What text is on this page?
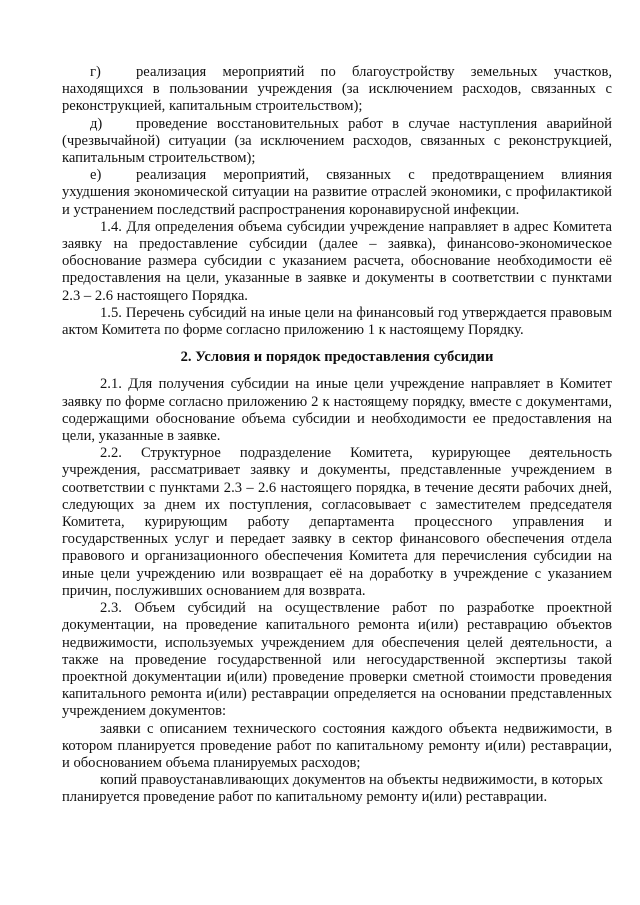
г) реализация мероприятий по благоустройству земельных участков, находящихся в пользовании учреждения (за исключением расходов, связанных с реконструкцией, капитальным строительством);

д) проведение восстановительных работ в случае наступления аварийной (чрезвычайной) ситуации (за исключением расходов, связанных с реконструкцией, капитальным строительством);

е) реализация мероприятий, связанных с предотвращением влияния ухудшения экономической ситуации на развитие отраслей экономики, с профилактикой и устранением последствий распространения коронавирусной инфекции.

1.4. Для определения объема субсидии учреждение направляет в адрес Комитета заявку на предоставление субсидии (далее – заявка), финансово-экономическое обоснование размера субсидии с указанием расчета, обоснование необходимости её предоставления на цели, указанные в заявке и документы в соответствии с пунктами 2.3 – 2.6 настоящего Порядка.

1.5. Перечень субсидий на иные цели на финансовый год утверждается правовым актом Комитета по форме согласно приложению 1 к настоящему Порядку.

2. Условия и порядок предоставления субсидии

2.1. Для получения субсидии на иные цели учреждение направляет в Комитет заявку по форме согласно приложению 2 к настоящему порядку, вместе с документами, содержащими обоснование объема субсидии и необходимости ее предоставления на цели, указанные в заявке.

2.2. Структурное подразделение Комитета, курирующее деятельность учреждения, рассматривает заявку и документы, представленные учреждением в соответствии с пунктами 2.3 – 2.6 настоящего порядка, в течение десяти рабочих дней, следующих за днем их поступления, согласовывает с заместителем председателя Комитета, курирующим работу департамента процессного управления и государственных услуг и передает заявку в сектор финансового обеспечения отдела правового и организационного обеспечения Комитета для перечисления субсидии на иные цели учреждению или возвращает её на доработку в учреждение с указанием причин, послуживших основанием для возврата.

2.3. Объем субсидий на осуществление работ по разработке проектной документации, на проведение капитального ремонта и(или) реставрацию объектов недвижимости, используемых учреждением для обеспечения целей деятельности, а также на проведение государственной или негосударственной экспертизы такой проектной документации и(или) проведение проверки сметной стоимости проведения капитального ремонта и(или) реставрации определяется на основании представленных учреждением документов:

заявки с описанием технического состояния каждого объекта недвижимости, в котором планируется проведение работ по капитальному ремонту и(или) реставрации, и обоснованием объема планируемых расходов;

копий правоустанавливающих документов на объекты недвижимости, в которых планируется проведение работ по капитальному ремонту и(или) реставрации.
